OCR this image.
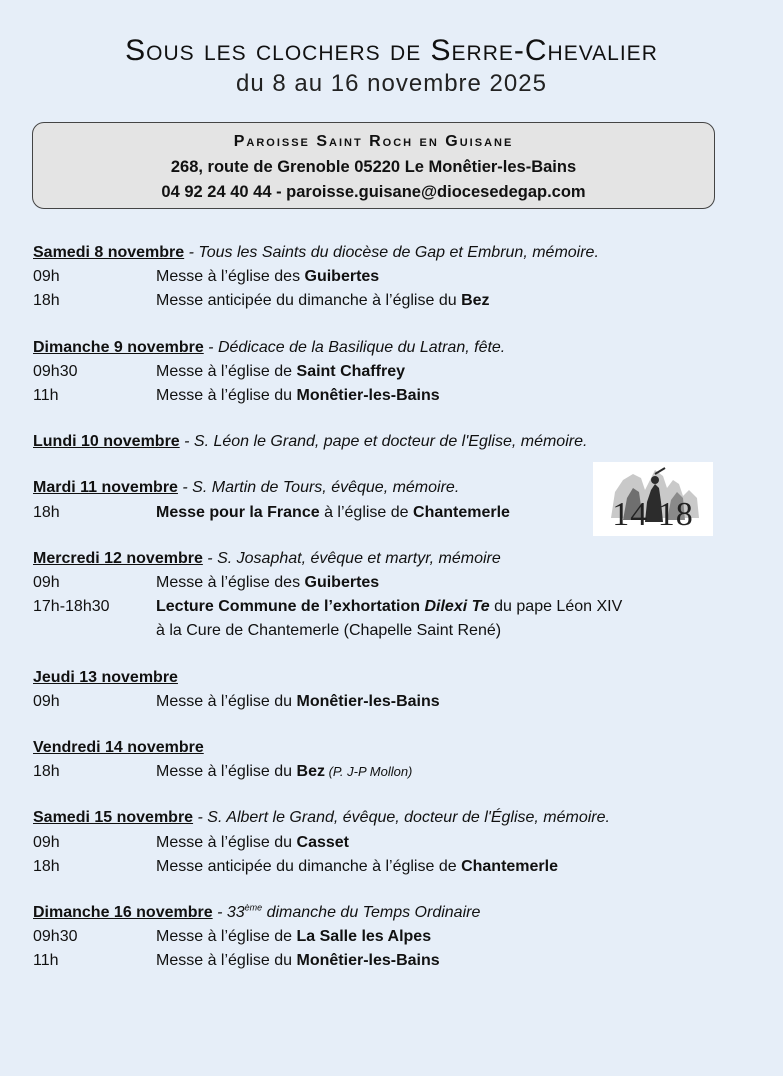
Sous les clochers de Serre-Chevalier
du 8 au 16 novembre 2025
Paroisse Saint Roch en Guisane
268, route de Grenoble 05220 Le Monêtier-les-Bains
04 92 24 40 44 - paroisse.guisane@diocesedegap.com
14 18
Samedi 8 novembre - Tous les Saints du diocèse de Gap et Embrun, mémoire.
09h	Messe à l’église des Guibertes
18h	Messe anticipée du dimanche à l’église du Bez
Dimanche 9 novembre - Dédicace de la Basilique du Latran, fête.
09h30	Messe à l’église de Saint Chaffrey
11h	Messe à l’église du Monêtier-les-Bains
Lundi 10 novembre - S. Léon le Grand, pape et docteur de l'Eglise, mémoire.
Mardi 11 novembre - S. Martin de Tours, évêque, mémoire.
18h	Messe pour la France à l’église de Chantemerle
Mercredi 12 novembre - S. Josaphat, évêque et martyr, mémoire
09h	Messe à l’église des Guibertes
17h-18h30	Lecture Commune de l’exhortation Dilexi Te du pape Léon XIV
à la Cure de Chantemerle (Chapelle Saint René)
Jeudi 13 novembre
09h	Messe à l’église du Monêtier-les-Bains
Vendredi 14 novembre
18h	Messe à l’église du Bez (P. J-P Mollon)
Samedi 15 novembre - S. Albert le Grand, évêque, docteur de l'Église, mémoire.
09h	Messe à l’église du Casset
18h	Messe anticipée du dimanche à l’église de Chantemerle
Dimanche 16 novembre - 33ème dimanche du Temps Ordinaire
09h30	Messe à l’église de La Salle les Alpes
11h	Messe à l’église du Monêtier-les-Bains
